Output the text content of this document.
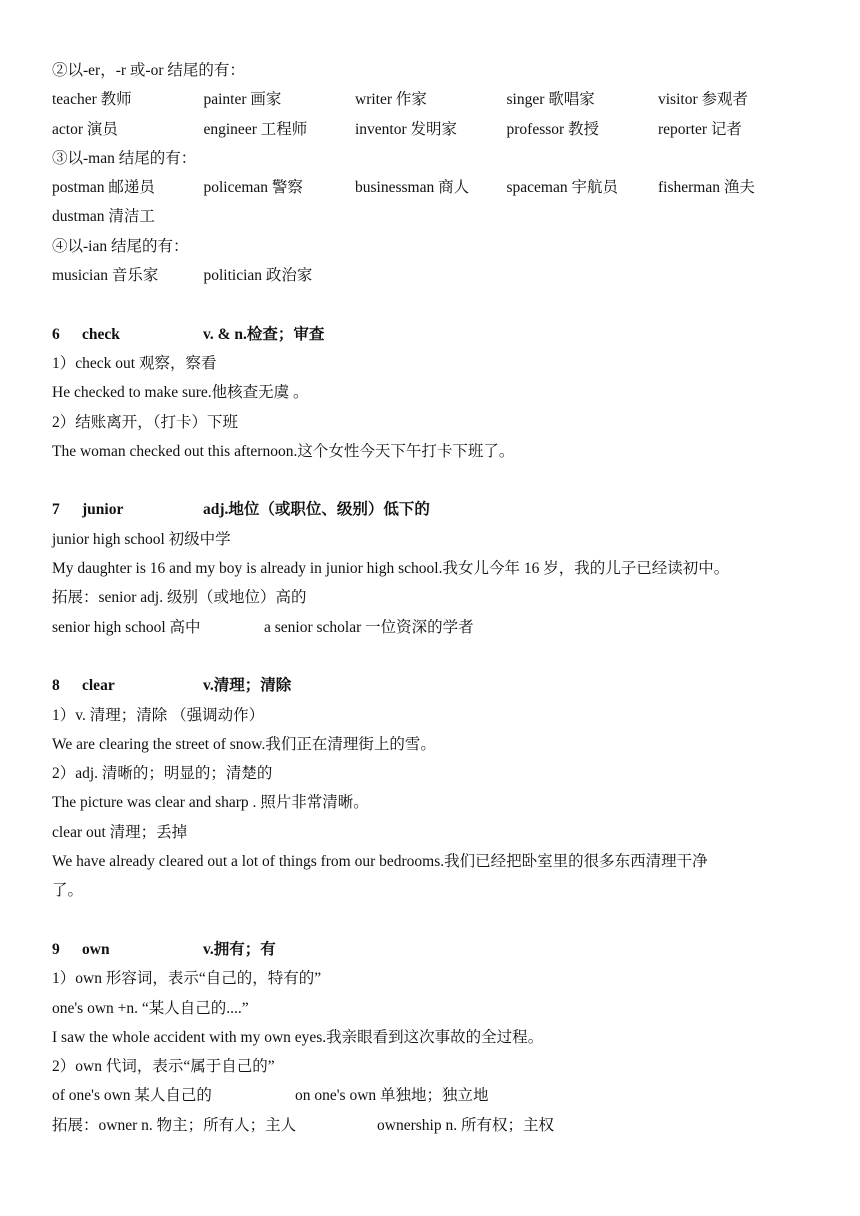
②以-er，-r 或-or 结尾的有：
teacher 教师	painter 画家	writer 作家	singer 歌唱家	visitor 参观者
actor 演员	engineer 工程师	inventor 发明家	professor 教授	reporter 记者
③以-man 结尾的有：
postman 邮递员	policeman 警察	businessman 商人	spaceman 宇航员	fisherman 渔夫
dustman 清洁工
④以-ian 结尾的有：
musician 音乐家	politician 政治家
6 check	v. & n.检查；审查
1）check out 观察，察看
He checked to make sure.他核查无虞 。
2）结账离开，（打卡）下班
The woman checked out this afternoon.这个女性今天下午打卡下班了。
7 junior	adj.地位（或职位、级别）低下的
junior high school 初级中学
My daughter is 16 and my boy is already in junior high school.我女儿今年 16 岁，我的儿子已经读初中。
拓展：senior adj. 级别（或地位）高的
senior high school 高中	a senior scholar 一位资深的学者
8 clear	v.清理；清除
1）v. 清理；清除 （强调动作）
We are clearing the street of snow.我们正在清理街上的雪。
2）adj. 清晰的；明显的；清楚的
The picture was clear and sharp . 照片非常清晰。
clear out 清理；丢掉
We have already cleared out a lot of things from our bedrooms.我们已经把卧室里的很多东西清理干净
了。
9 own	v.拥有；有
1）own 形容词，表示“自己的，特有的”
one's own +n. “某人自己的....”
I saw the whole accident with my own eyes.我亲眼看到这次事故的全过程。
2）own 代词，表示“属于自己的”
of one's own 某人自己的	on one's own 单独地；独立地
拓展：owner n. 物主；所有人；主人	ownership n. 所有权；主权
